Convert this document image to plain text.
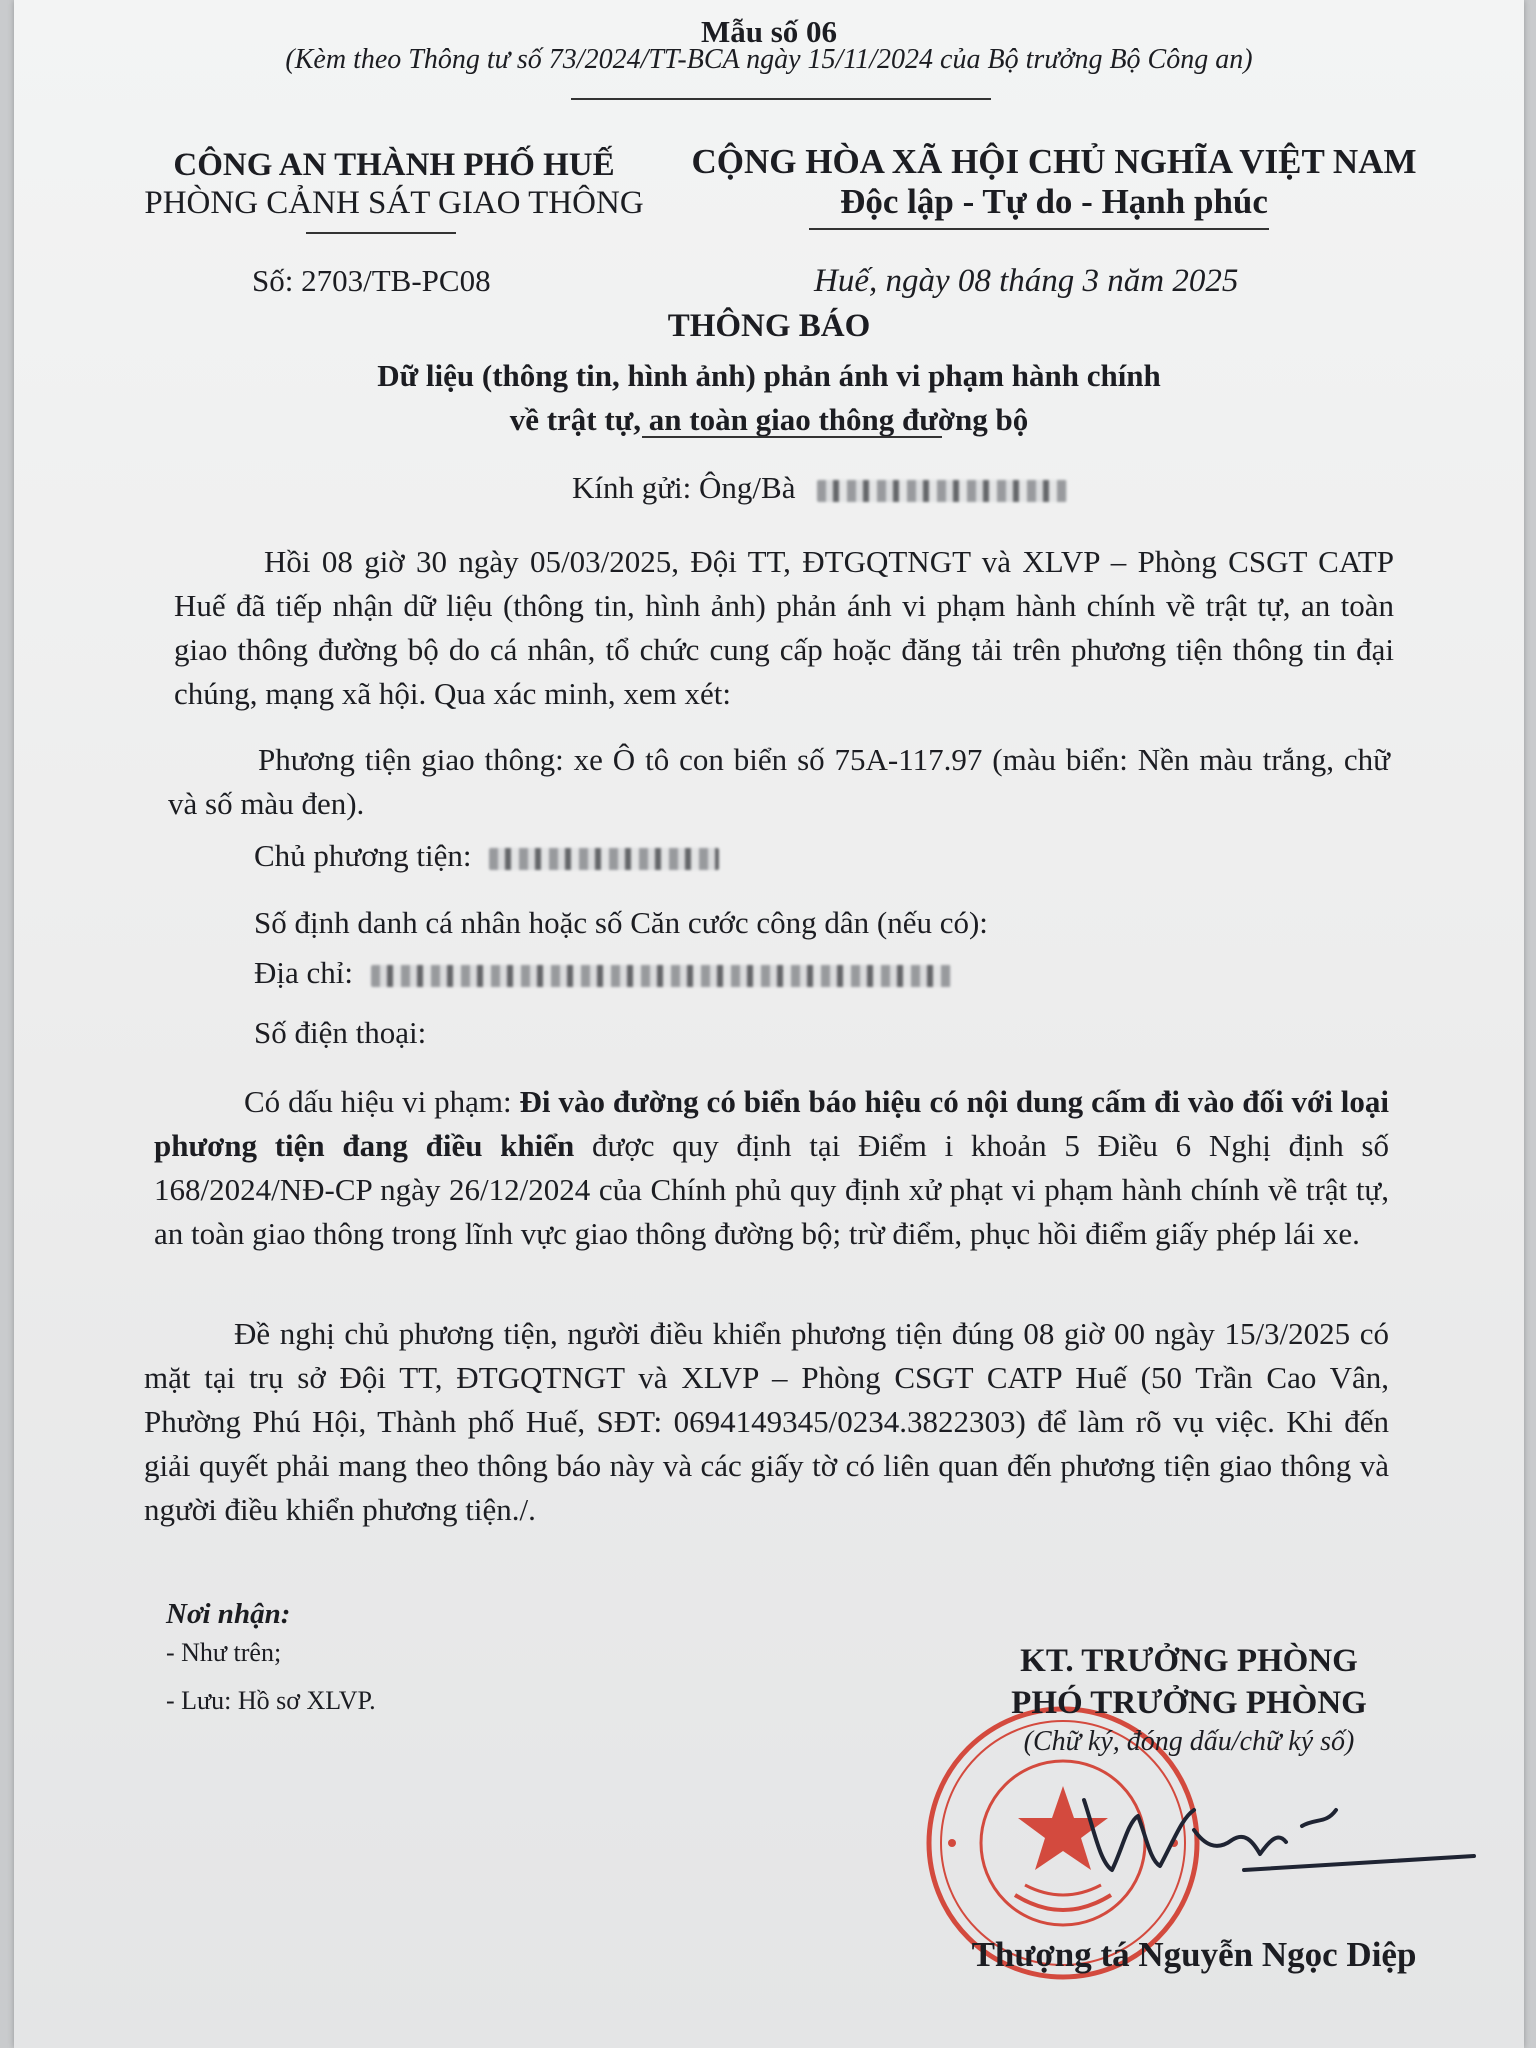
Mẫu số 06
(Kèm theo Thông tư số 73/2024/TT-BCA ngày 15/11/2024 của Bộ trưởng Bộ Công an)
CÔNG AN THÀNH PHỐ HUẾ
PHÒNG CẢNH SÁT GIAO THÔNG
CỘNG HÒA XÃ HỘI CHỦ NGHĨA VIỆT NAM
Độc lập - Tự do - Hạnh phúc
Số: 2703/TB-PC08	Huế, ngày 08 tháng 3 năm 2025
THÔNG BÁO
Dữ liệu (thông tin, hình ảnh) phản ánh vi phạm hành chính
về trật tự, an toàn giao thông đường bộ
Kính gửi: Ông/Bà
Hồi 08 giờ 30 ngày 05/03/2025, Đội TT, ĐTGQTNGT và XLVP – Phòng CSGT CATP Huế đã tiếp nhận dữ liệu (thông tin, hình ảnh) phản ánh vi phạm hành chính về trật tự, an toàn giao thông đường bộ do cá nhân, tổ chức cung cấp hoặc đăng tải trên phương tiện thông tin đại chúng, mạng xã hội. Qua xác minh, xem xét:
Phương tiện giao thông: xe Ô tô con biển số 75A-117.97 (màu biển: Nền màu trắng, chữ và số màu đen).
Chủ phương tiện:
Số định danh cá nhân hoặc số Căn cước công dân (nếu có):
Địa chỉ:
Số điện thoại:
Có dấu hiệu vi phạm: Đi vào đường có biển báo hiệu có nội dung cấm đi vào đối với loại phương tiện đang điều khiển được quy định tại Điểm i khoản 5 Điều 6 Nghị định số 168/2024/NĐ-CP ngày 26/12/2024 của Chính phủ quy định xử phạt vi phạm hành chính về trật tự, an toàn giao thông trong lĩnh vực giao thông đường bộ; trừ điểm, phục hồi điểm giấy phép lái xe.
Đề nghị chủ phương tiện, người điều khiển phương tiện đúng 08 giờ 00 ngày 15/3/2025 có mặt tại trụ sở Đội TT, ĐTGQTNGT và XLVP – Phòng CSGT CATP Huế (50 Trần Cao Vân, Phường Phú Hội, Thành phố Huế, SĐT: 0694149345/0234.3822303) để làm rõ vụ việc. Khi đến giải quyết phải mang theo thông báo này và các giấy tờ có liên quan đến phương tiện giao thông và người điều khiển phương tiện./.
Nơi nhận:
- Như trên;
- Lưu: Hồ sơ XLVP.
KT. TRƯỞNG PHÒNG
PHÓ TRƯỞNG PHÒNG
(Chữ ký, đóng dấu/chữ ký số)
Thượng tá Nguyễn Ngọc Diệp
